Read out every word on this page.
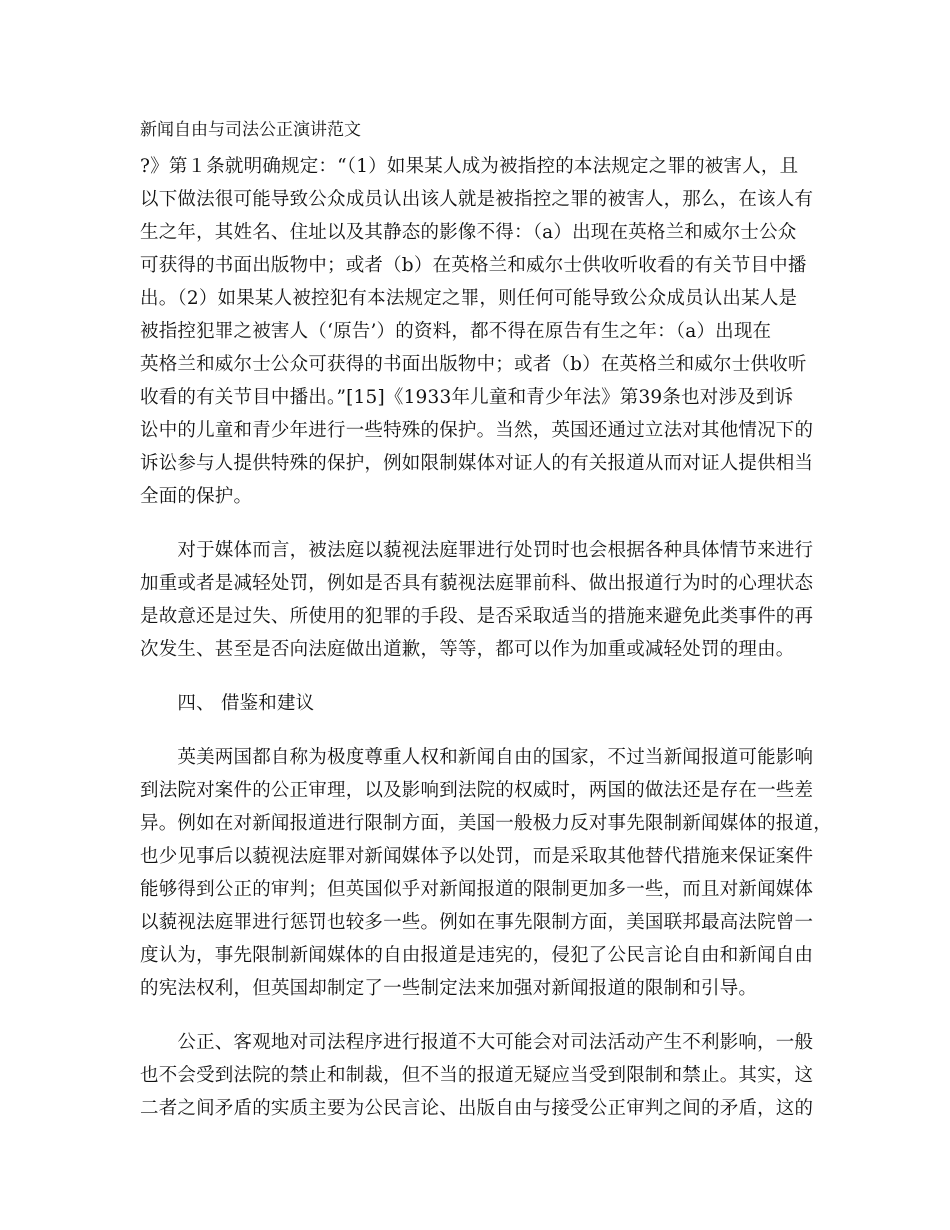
新闻自由与司法公正演讲范文
?》第１条就明确规定：“（1）如果某人成为被指控的本法规定之罪的被害人，且
以下做法很可能导致公众成员认出该人就是被指控之罪的被害人，那么，在该人有
生之年，其姓名、住址以及其静态的影像不得：（a）出现在英格兰和威尔士公众
可获得的书面出版物中；或者（b）在英格兰和威尔士供收听收看的有关节目中播
出。（2）如果某人被控犯有本法规定之罪，则任何可能导致公众成员认出某人是
被指控犯罪之被害人（‘原告’）的资料，都不得在原告有生之年：（a）出现在
英格兰和威尔士公众可获得的书面出版物中；或者（b）在英格兰和威尔士供收听
收看的有关节目中播出。”[15]《1933年儿童和青少年法》第39条也对涉及到诉
讼中的儿童和青少年进行一些特殊的保护。当然，英国还通过立法对其他情况下的
诉讼参与人提供特殊的保护，例如限制媒体对证人的有关报道从而对证人提供相当
全面的保护。
　　对于媒体而言，被法庭以藐视法庭罪进行处罚时也会根据各种具体情节来进行
加重或者是减轻处罚，例如是否具有藐视法庭罪前科、做出报道行为时的心理状态
是故意还是过失、所使用的犯罪的手段、是否采取适当的措施来避免此类事件的再
次发生、甚至是否向法庭做出道歉，等等，都可以作为加重或减轻处罚的理由。
　　四、 借鉴和建议
　　英美两国都自称为极度尊重人权和新闻自由的国家，不过当新闻报道可能影响
到法院对案件的公正审理，以及影响到法院的权威时，两国的做法还是存在一些差
异。例如在对新闻报道进行限制方面，美国一般极力反对事先限制新闻媒体的报道，
也少见事后以藐视法庭罪对新闻媒体予以处罚，而是采取其他替代措施来保证案件
能够得到公正的审判；但英国似乎对新闻报道的限制更加多一些，而且对新闻媒体
以藐视法庭罪进行惩罚也较多一些。例如在事先限制方面，美国联邦最高法院曾一
度认为，事先限制新闻媒体的自由报道是违宪的，侵犯了公民言论自由和新闻自由
的宪法权利，但英国却制定了一些制定法来加强对新闻报道的限制和引导。
　　公正、客观地对司法程序进行报道不大可能会对司法活动产生不利影响，一般
也不会受到法院的禁止和制裁，但不当的报道无疑应当受到限制和禁止。其实，这
二者之间矛盾的实质主要为公民言论、出版自由与接受公正审判之间的矛盾，这的
